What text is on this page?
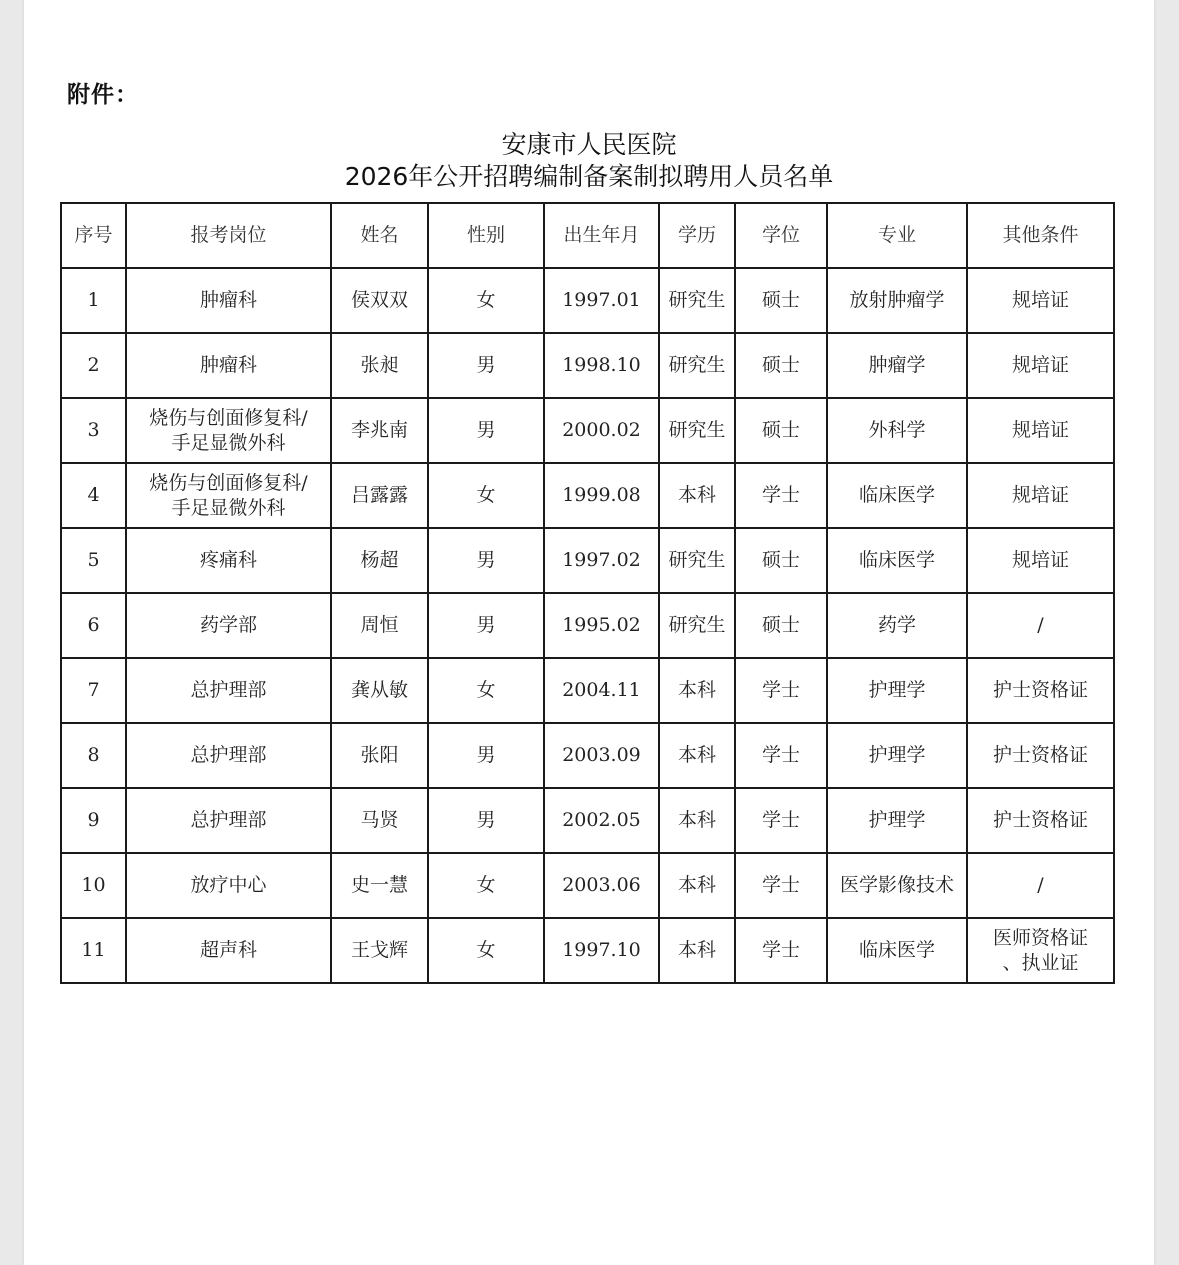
附件：
安康市人民医院
2026年公开招聘编制备案制拟聘用人员名单
序号	报考岗位	姓名	性别	出生年月	学历	学位	专业	其他条件
1	肿瘤科	侯双双	女	1997.01	研究生	硕士	放射肿瘤学	规培证
2	肿瘤科	张昶	男	1998.10	研究生	硕士	肿瘤学	规培证
3	烧伤与创面修复科/
手足显微外科	李兆南	男	2000.02	研究生	硕士	外科学	规培证
4	烧伤与创面修复科/
手足显微外科	吕露露	女	1999.08	本科	学士	临床医学	规培证
5	疼痛科	杨超	男	1997.02	研究生	硕士	临床医学	规培证
6	药学部	周恒	男	1995.02	研究生	硕士	药学	/
7	总护理部	龚从敏	女	2004.11	本科	学士	护理学	护士资格证
8	总护理部	张阳	男	2003.09	本科	学士	护理学	护士资格证
9	总护理部	马贤	男	2002.05	本科	学士	护理学	护士资格证
10	放疗中心	史一慧	女	2003.06	本科	学士	医学影像技术	/
11	超声科	王戈辉	女	1997.10	本科	学士	临床医学	医师资格证
、执业证
